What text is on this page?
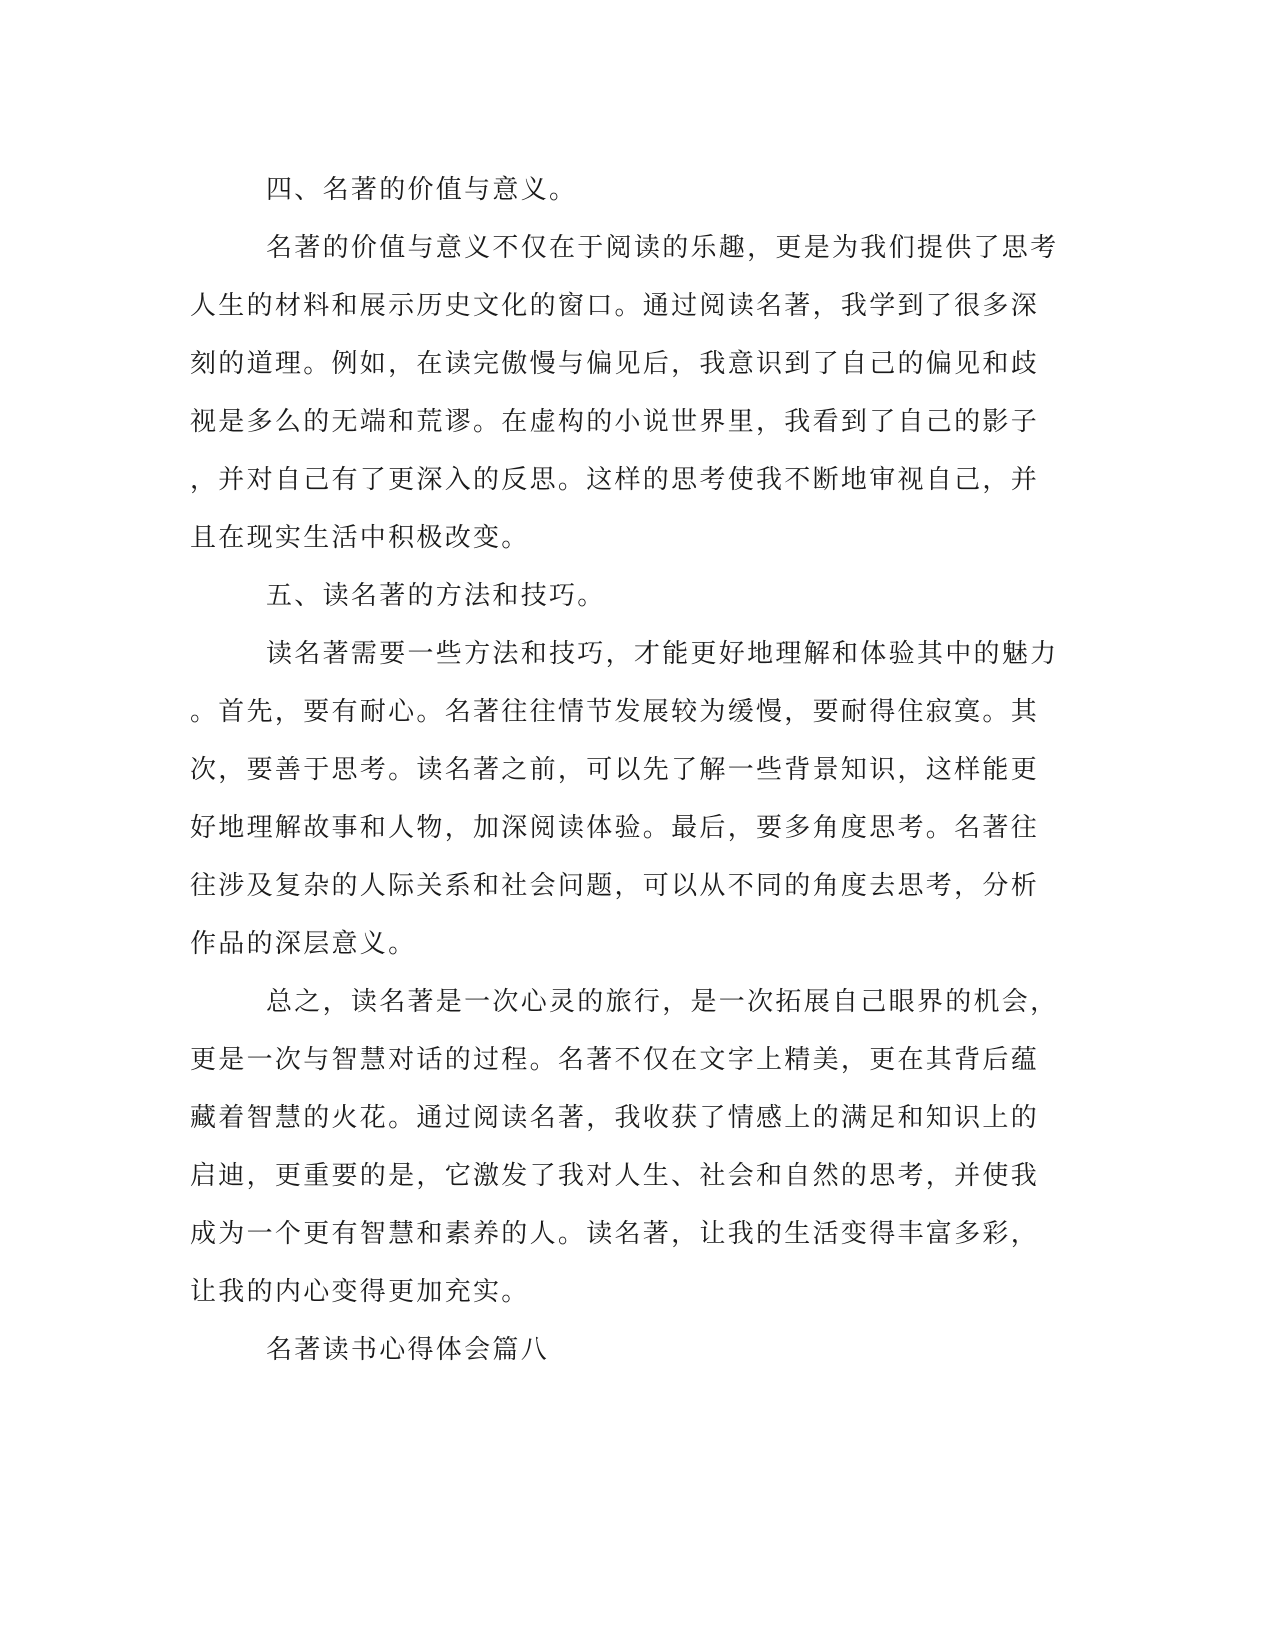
四、名著的价值与意义。
名著的价值与意义不仅在于阅读的乐趣，更是为我们提供了思考
人生的材料和展示历史文化的窗口。通过阅读名著，我学到了很多深
刻的道理。例如，在读完傲慢与偏见后，我意识到了自己的偏见和歧
视是多么的无端和荒谬。在虚构的小说世界里，我看到了自己的影子
，并对自己有了更深入的反思。这样的思考使我不断地审视自己，并
且在现实生活中积极改变。
五、读名著的方法和技巧。
读名著需要一些方法和技巧，才能更好地理解和体验其中的魅力
。首先，要有耐心。名著往往情节发展较为缓慢，要耐得住寂寞。其
次，要善于思考。读名著之前，可以先了解一些背景知识，这样能更
好地理解故事和人物，加深阅读体验。最后，要多角度思考。名著往
往涉及复杂的人际关系和社会问题，可以从不同的角度去思考，分析
作品的深层意义。
总之，读名著是一次心灵的旅行，是一次拓展自己眼界的机会，
更是一次与智慧对话的过程。名著不仅在文字上精美，更在其背后蕴
藏着智慧的火花。通过阅读名著，我收获了情感上的满足和知识上的
启迪，更重要的是，它激发了我对人生、社会和自然的思考，并使我
成为一个更有智慧和素养的人。读名著，让我的生活变得丰富多彩，
让我的内心变得更加充实。
名著读书心得体会篇八
